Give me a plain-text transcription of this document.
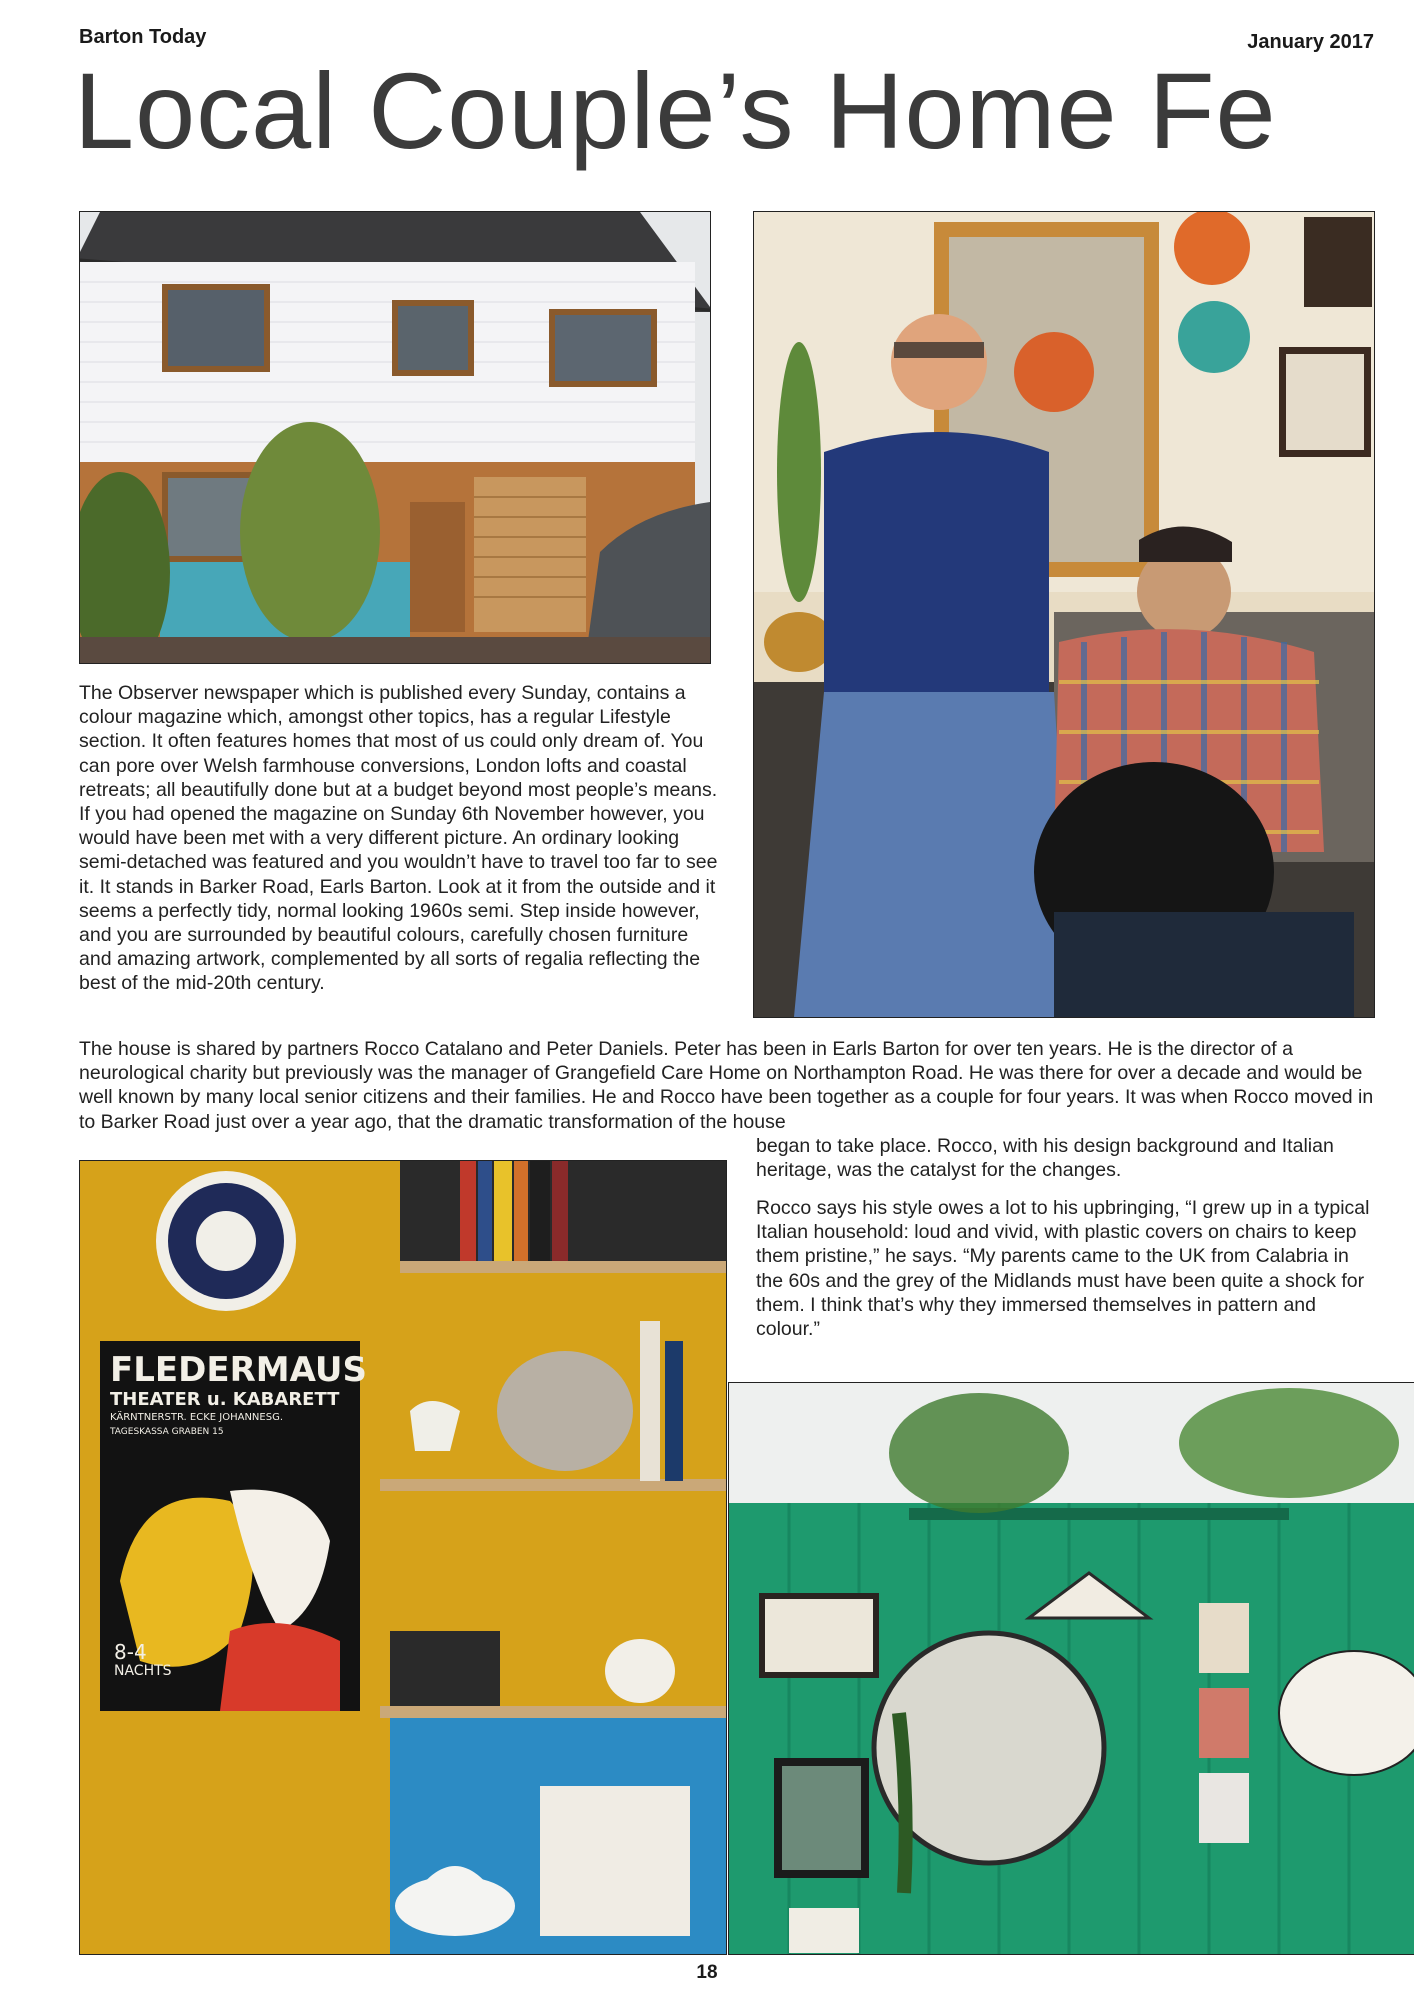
Barton Today	January 2017
Local Couple’s Home Fe

The Observer newspaper which is published every Sunday, contains a colour magazine which, amongst other topics, has a regular Lifestyle section. It often features homes that most of us could only dream of. You can pore over Welsh farmhouse conversions, London lofts and coastal retreats; all beautifully done but at a budget beyond most people’s means. If you had opened the magazine on Sunday 6th November however, you would have been met with a very different picture. An ordinary looking semi-detached was featured and you wouldn’t have to travel too far to see it. It stands in Barker Road, Earls Barton. Look at it from the outside and it seems a perfectly tidy, normal looking 1960s semi. Step inside however, and you are surrounded by beautiful colours, carefully chosen furniture and amazing artwork, complemented by all sorts of regalia reflecting the best of the mid-20th century.

The house is shared by partners Rocco Catalano and Peter Daniels. Peter has been in Earls Barton for over ten years. He is the director of a neurological charity but previously was the manager of Grangefield Care Home on Northampton Road. He was there for over a decade and would be well known by many local senior citizens and their families. He and Rocco have been together as a couple for four years. It was when Rocco moved in to Barker Road just over a year ago, that the dramatic transformation of the house

began to take place. Rocco, with his design background and Italian heritage, was the catalyst for the changes.

Rocco says his style owes a lot to his upbringing, “I grew up in a typical Italian household: loud and vivid, with plastic covers on chairs to keep them pristine,” he says. “My parents came to the UK from Calabria in the 60s and the grey of the Midlands must have been quite a shock for them. I think that’s why they immersed themselves in pattern and colour.”

FLEDERMAUS
THEATER u. KABARETT
KÄRNTNERSTR. ECKE JOHANNESG.
TAGESKASSA GRABEN 15
8-4
NACHTS
18
